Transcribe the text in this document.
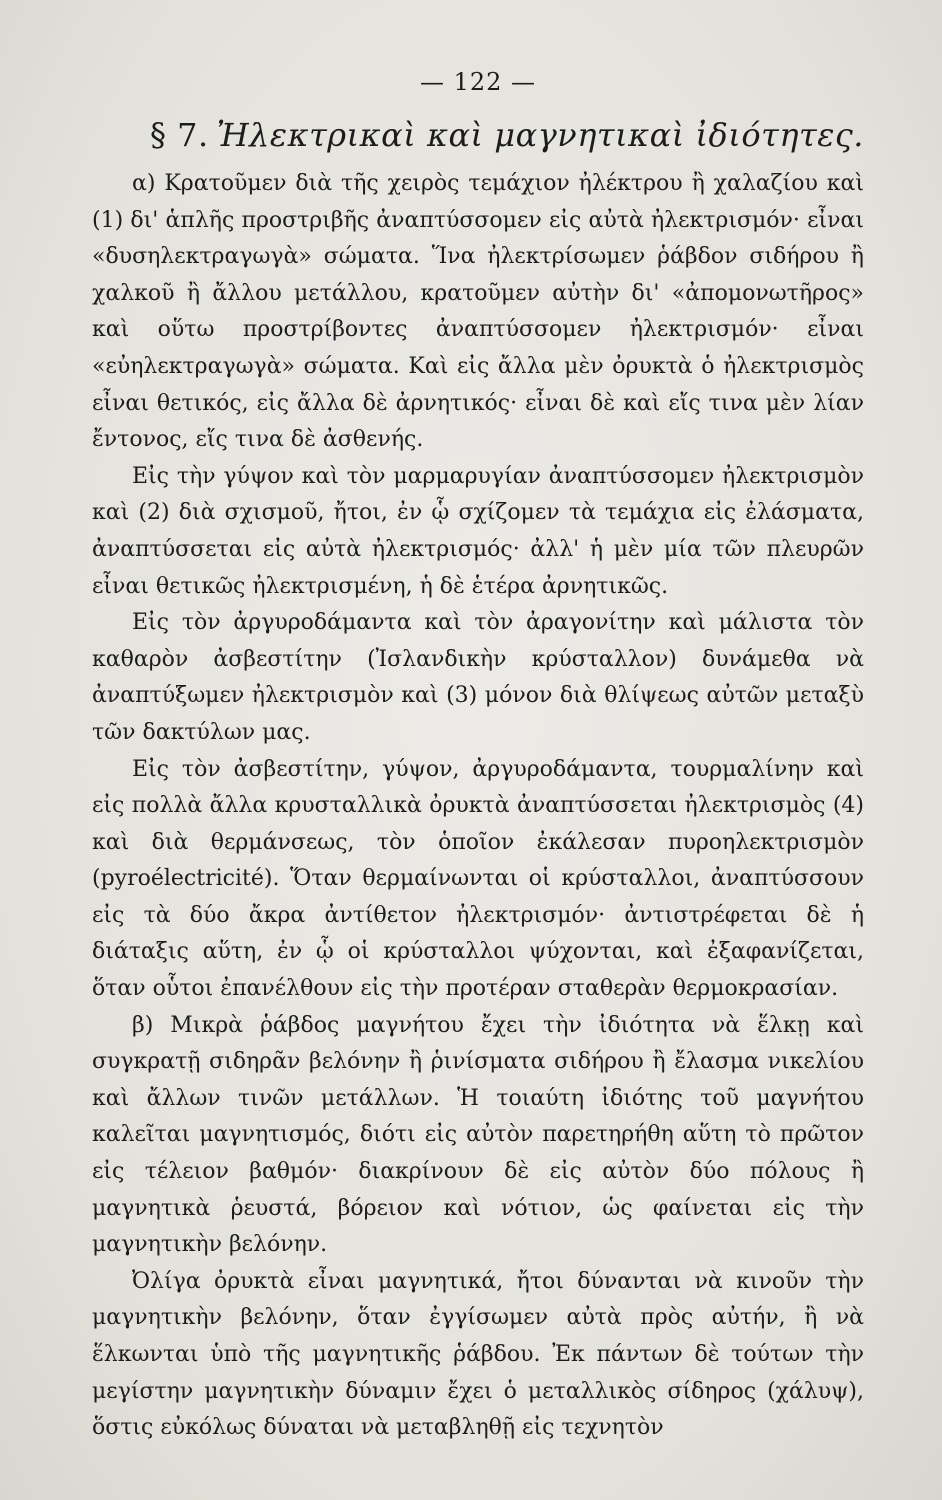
— 122 —
§ 7. Ἠλεκτρικαὶ καὶ μαγνητικαὶ ἰδιότητες.

α) Κρατοῦμεν διὰ τῆς χειρὸς τεμάχιον ἠλέκτρου ἢ χαλαζίου καὶ (1) δι' ἁπλῆς προστριβῆς ἀναπτύσσομεν εἰς αὐτὰ ἠλεκτρισμόν· εἶναι «δυσηλεκτραγωγὰ» σώματα. Ἵνα ἠλεκτρίσωμεν ῥάβδον σιδήρου ἢ χαλκοῦ ἢ ἄλλου μετάλλου, κρατοῦμεν αὐτὴν δι' «ἀπομονωτῆρος» καὶ οὕτω προστρίβοντες ἀναπτύσσομεν ἠλεκτρισμόν· εἶναι «εὐηλεκτραγωγὰ» σώματα. Καὶ εἰς ἄλλα μὲν ὀρυκτὰ ὁ ἠλεκτρισμὸς εἶναι θετικός, εἰς ἄλλα δὲ ἀρνητικός· εἶναι δὲ καὶ εἴς τινα μὲν λίαν ἔντονος, εἴς τινα δὲ ἀσθενής.

Εἰς τὴν γύψον καὶ τὸν μαρμαρυγίαν ἀναπτύσσομεν ἠλεκτρισμὸν καὶ (2) διὰ σχισμοῦ, ἤτοι, ἐν ᾧ σχίζομεν τὰ τεμάχια εἰς ἐλάσματα, ἀναπτύσσεται εἰς αὐτὰ ἠλεκτρισμός· ἀλλ' ἡ μὲν μία τῶν πλευρῶν εἶναι θετικῶς ἠλεκτρισμένη, ἡ δὲ ἑτέρα ἀρνητικῶς.

Εἰς τὸν ἀργυροδάμαντα καὶ τὸν ἀραγονίτην καὶ μάλιστα τὸν καθαρὸν ἀσβεστίτην (Ἰσλανδικὴν κρύσταλλον) δυνάμεθα νὰ ἀναπτύξωμεν ἠλεκτρισμὸν καὶ (3) μόνον διὰ θλίψεως αὐτῶν μεταξὺ τῶν δακτύλων μας.

Εἰς τὸν ἀσβεστίτην, γύψον, ἀργυροδάμαντα, τουρμαλίνην καὶ εἰς πολλὰ ἄλλα κρυσταλλικὰ ὀρυκτὰ ἀναπτύσσεται ἠλεκτρισμὸς (4) καὶ διὰ θερμάνσεως, τὸν ὁποῖον ἐκάλεσαν πυροηλεκτρισμὸν (pyroélectricité). Ὅταν θερμαίνωνται οἱ κρύσταλλοι, ἀναπτύσσουν εἰς τὰ δύο ἄκρα ἀντίθετον ἠλεκτρισμόν· ἀντιστρέφεται δὲ ἡ διάταξις αὕτη, ἐν ᾧ οἱ κρύσταλλοι ψύχονται, καὶ ἐξαφανίζεται, ὅταν οὗτοι ἐπανέλθουν εἰς τὴν προτέραν σταθερὰν θερμοκρασίαν.

β) Μικρὰ ῥάβδος μαγνήτου ἔχει τὴν ἰδιότητα νὰ ἕλκῃ καὶ συγκρατῇ σιδηρᾶν βελόνην ἢ ῥινίσματα σιδήρου ἢ ἔλασμα νικελίου καὶ ἄλλων τινῶν μετάλλων. Ἡ τοιαύτη ἰδιότης τοῦ μαγνήτου καλεῖται μαγνητισμός, διότι εἰς αὐτὸν παρετηρήθη αὕτη τὸ πρῶτον εἰς τέλειον βαθμόν· διακρίνουν δὲ εἰς αὐτὸν δύο πόλους ἢ μαγνητικὰ ῥευστά, βόρειον καὶ νότιον, ὡς φαίνεται εἰς τὴν μαγνητικὴν βελόνην.

Ὀλίγα ὀρυκτὰ εἶναι μαγνητικά, ἤτοι δύνανται νὰ κινοῦν τὴν μαγνητικὴν βελόνην, ὅταν ἐγγίσωμεν αὐτὰ πρὸς αὐτήν, ἢ νὰ ἕλκωνται ὑπὸ τῆς μαγνητικῆς ῥάβδου. Ἐκ πάντων δὲ τούτων τὴν μεγίστην μαγνητικὴν δύναμιν ἔχει ὁ μεταλλικὸς σίδηρος (χάλυψ), ὅστις εὐκόλως δύναται νὰ μεταβληθῇ εἰς τεχνητὸν
